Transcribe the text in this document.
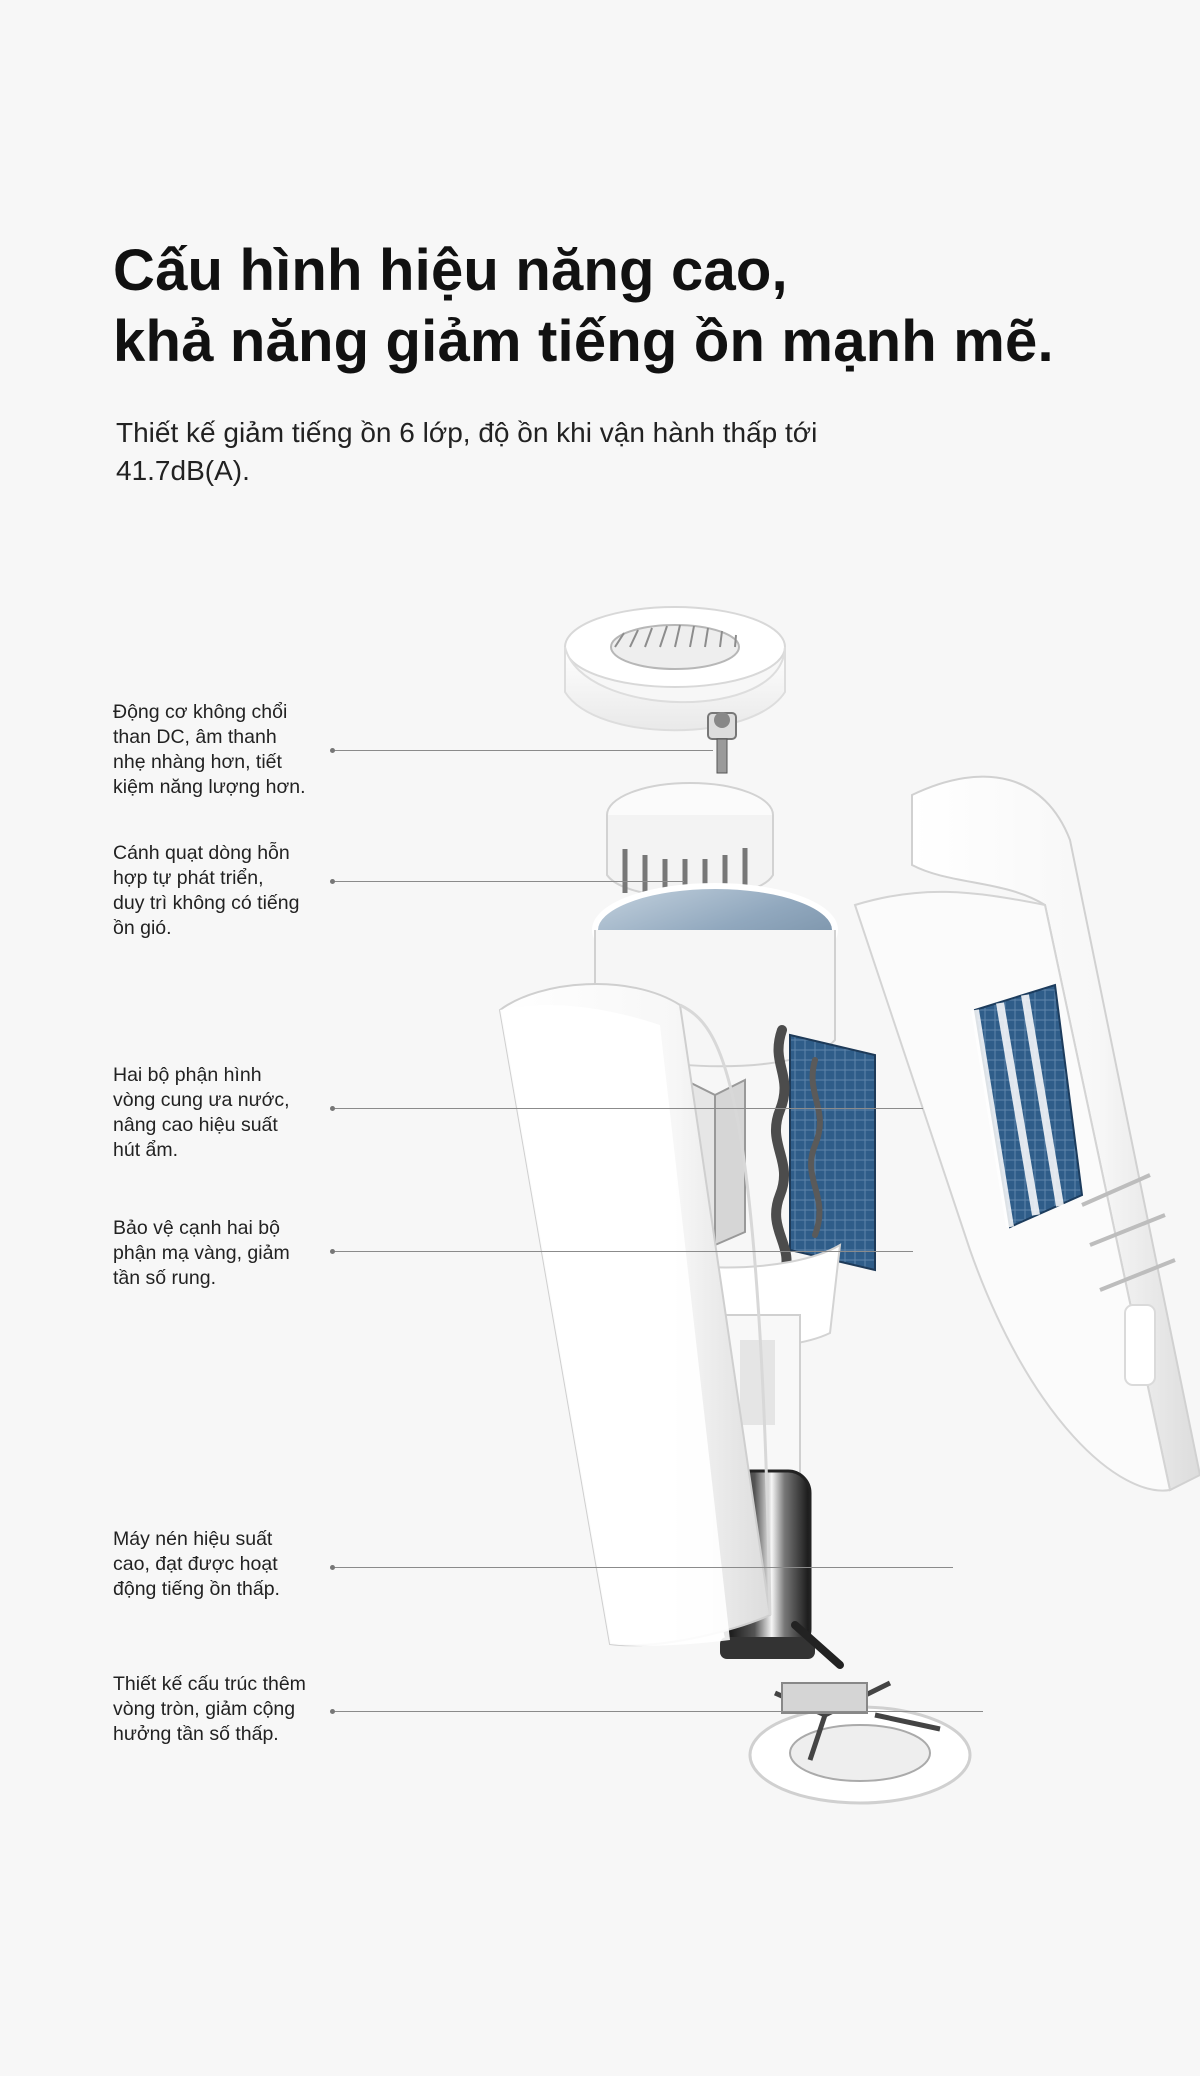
Cấu hình hiệu năng cao,
khả năng giảm tiếng ồn mạnh mẽ.
Thiết kế giảm tiếng ồn 6 lớp, độ ồn khi vận hành thấp tới
41.7dB(A).
Động cơ không chổi
than DC, âm thanh
nhẹ nhàng hơn, tiết
kiệm năng lượng hơn.
Cánh quạt dòng hỗn
hợp tự phát triển,
duy trì không có tiếng
ồn gió.
Hai bộ phận hình
vòng cung ưa nước,
nâng cao hiệu suất
hút ẩm.
Bảo vệ cạnh hai bộ
phận mạ vàng, giảm
tần số rung.
Máy nén hiệu suất
cao, đạt được hoạt
động tiếng ồn thấp.
Thiết kế cấu trúc thêm
vòng tròn, giảm cộng
hưởng tần số thấp.
